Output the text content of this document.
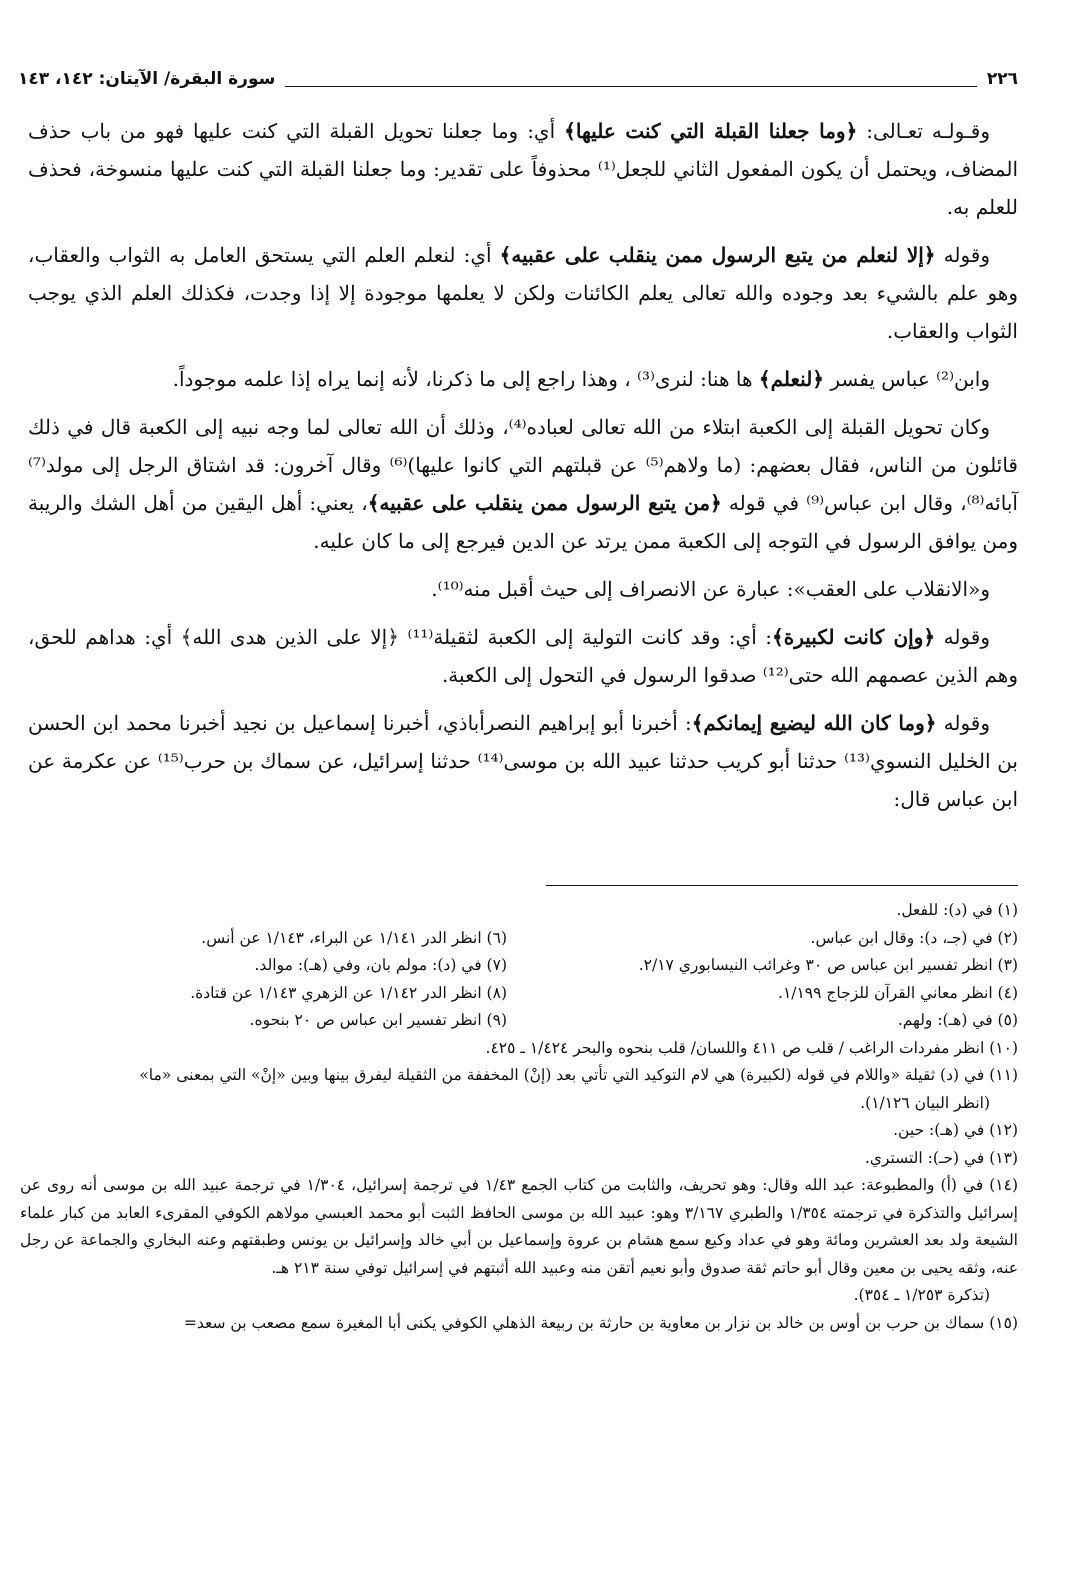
٢٢٦
سورة البقرة/ الآيتان: ١٤٢، ١٤٣

وقـولـه تعـالى: ﴿وما جعلنا القبلة التي كنت عليها﴾ أي: وما جعلنا تحويل القبلة التي كنت عليها فهو من باب حذف المضاف، ويحتمل أن يكون المفعول الثاني للجعل⁽¹⁾ محذوفاً على تقدير: وما جعلنا القبلة التي كنت عليها منسوخة، فحذف للعلم به.

وقوله ﴿إلا لنعلم من يتبع الرسول ممن ينقلب على عقبيه﴾ أي: لنعلم العلم التي يستحق العامل به الثواب والعقاب، وهو علم بالشيء بعد وجوده والله تعالى يعلم الكائنات ولكن لا يعلمها موجودة إلا إذا وجدت، فكذلك العلم الذي يوجب الثواب والعقاب.

وابن⁽²⁾ عباس يفسر ﴿لنعلم﴾ ها هنا: لنرى⁽³⁾ ، وهذا راجع إلى ما ذكرنا، لأنه إنما يراه إذا علمه موجوداً.

وكان تحويل القبلة إلى الكعبة ابتلاء من الله تعالى لعباده⁽⁴⁾، وذلك أن الله تعالى لما وجه نبيه إلى الكعبة قال في ذلك قائلون من الناس، فقال بعضهم: (ما ولاهم⁽⁵⁾ عن قبلتهم التي كانوا عليها)⁽⁶⁾ وقال آخرون: قد اشتاق الرجل إلى مولد⁽⁷⁾ آبائه⁽⁸⁾، وقال ابن عباس⁽⁹⁾ في قوله ﴿من يتبع الرسول ممن ينقلب على عقبيه﴾، يعني: أهل اليقين من أهل الشك والريبة ومن يوافق الرسول في التوجه إلى الكعبة ممن يرتد عن الدين فيرجع إلى ما كان عليه.

و«الانقلاب على العقب»: عبارة عن الانصراف إلى حيث أقبل منه⁽¹⁰⁾.

وقوله ﴿وإن كانت لكبيرة﴾: أي: وقد كانت التولية إلى الكعبة لثقيلة⁽¹¹⁾ ﴿إلا على الذين هدى الله﴾ أي: هداهم للحق، وهم الذين عصمهم الله حتى⁽¹²⁾ صدقوا الرسول في التحول إلى الكعبة.

وقوله ﴿وما كان الله ليضيع إيمانكم﴾: أخبرنا أبو إبراهيم النصرأباذي، أخبرنا إسماعيل بن نجيد أخبرنا محمد ابن الحسن بن الخليل النسوي⁽¹³⁾ حدثنا أبو كريب حدثنا عبيد الله بن موسى⁽¹⁴⁾ حدثنا إسرائيل، عن سماك بن حرب⁽¹⁵⁾ عن عكرمة عن ابن عباس قال:

(١) في (د): للفعل.
(٢) في (جـ، د): وقال ابن عباس.
(٦) انظر الدر ١/١٤١ عن البراء، ١/١٤٣ عن أنس.
(٣) انظر تفسير ابن عباس ص ٣٠ وغرائب النيسابوري ٢/١٧.
(٧) في (د): مولم بان، وفي (هـ): موالد.
(٤) انظر معاني القرآن للزجاج ١/١٩٩.
(٨) انظر الدر ١/١٤٢ عن الزهري ١/١٤٣ عن قتادة.
(٥) في (هـ): ولهم.
(٩) انظر تفسير ابن عباس ص ٢٠ بنحوه.

(١٠) انظر مفردات الراغب / قلب ص ٤١١ واللسان/ قلب بنحوه والبحر ١/٤٢٤ ـ ٤٢٥.

(١١) في (د) ثقيلة «واللام في قوله (لكبيرة) هي لام التوكيد التي تأتي بعد (إنْ) المخففة من الثقيلة ليفرق بينها وبين «إنْ» التي بمعنى «ما»

(انظر البيان ١/١٢٦).

(١٢) في (هـ): حين.

(١٣) في (حـ): التستري.

(١٤) في (أ) والمطبوعة: عبد الله وقال: وهو تحريف، والثابت من كتاب الجمع ١/٤٣ في ترجمة إسرائيل، ١/٣٠٤ في ترجمة عبيد الله بن موسى أنه روى عن إسرائيل والتذكرة في ترجمته ١/٣٥٤ والطبري ٣/١٦٧ وهو: عبيد الله بن موسى الحافظ الثبت أبو محمد العبسي مولاهم الكوفي المقرىء العابد من كبار علماء الشيعة ولد بعد العشرين ومائة وهو في عداد وكيع سمع هشام بن عروة وإسماعيل بن أبي خالد وإسرائيل بن يونس وطبقتهم وعنه البخاري والجماعة عن رجل عنه، وثقه يحيى بن معين وقال أبو حاتم ثقة صدوق وأبو نعيم أتقن منه وعبيد الله أثبتهم في إسرائيل توفي سنة ٢١٣ هـ.

(تذكرة ١/٢٥٣ ـ ٣٥٤).

(١٥) سماك بن حرب بن أوس بن خالد بن نزار بن معاوية بن حارثة بن ربيعة الذهلي الكوفي يكنى أبا المغيرة سمع مصعب بن سعد=
